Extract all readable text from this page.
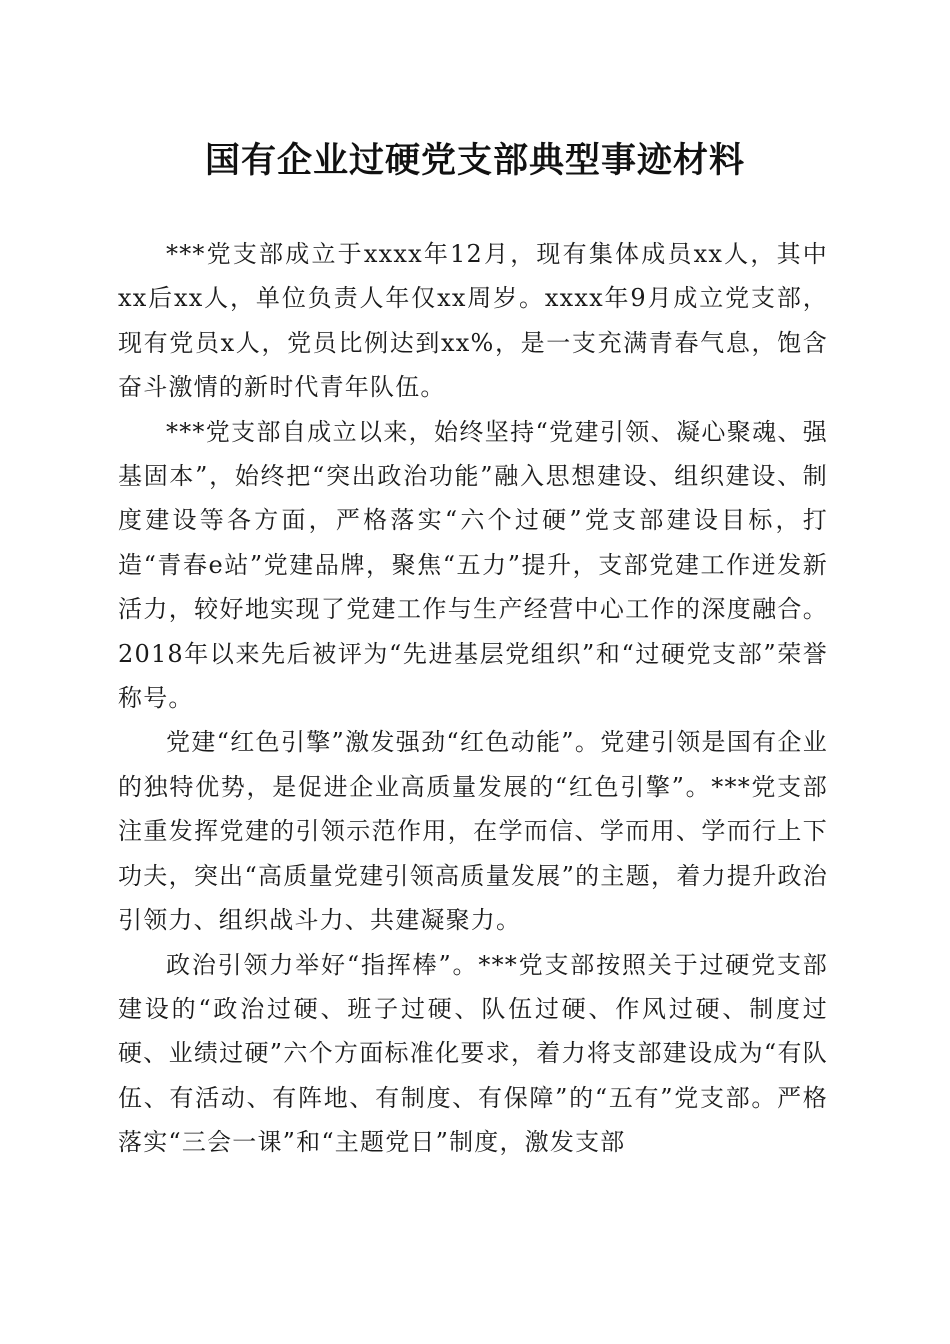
国有企业过硬党支部典型事迹材料

***党支部成立于xxxx年12月，现有集体成员xx人，其中xx后xx人，单位负责人年仅xx周岁。xxxx年9月成立党支部，现有党员x人，党员比例达到xx%，是一支充满青春气息，饱含奋斗激情的新时代青年队伍。

***党支部自成立以来，始终坚持“党建引领、凝心聚魂、强基固本”，始终把“突出政治功能”融入思想建设、组织建设、制度建设等各方面，严格落实“六个过硬”党支部建设目标，打造“青春e站”党建品牌，聚焦“五力”提升，支部党建工作迸发新活力，较好地实现了党建工作与生产经营中心工作的深度融合。2018年以来先后被评为“先进基层党组织”和“过硬党支部”荣誉称号。

党建“红色引擎”激发强劲“红色动能”。党建引领是国有企业的独特优势，是促进企业高质量发展的“红色引擎”。***党支部注重发挥党建的引领示范作用，在学而信、学而用、学而行上下功夫，突出“高质量党建引领高质量发展”的主题，着力提升政治引领力、组织战斗力、共建凝聚力。

政治引领力举好“指挥棒”。***党支部按照关于过硬党支部建设的“政治过硬、班子过硬、队伍过硬、作风过硬、制度过硬、业绩过硬”六个方面标准化要求，着力将支部建设成为“有队伍、有活动、有阵地、有制度、有保障”的“五有”党支部。严格落实“三会一课”和“主题党日”制度，激发支部
